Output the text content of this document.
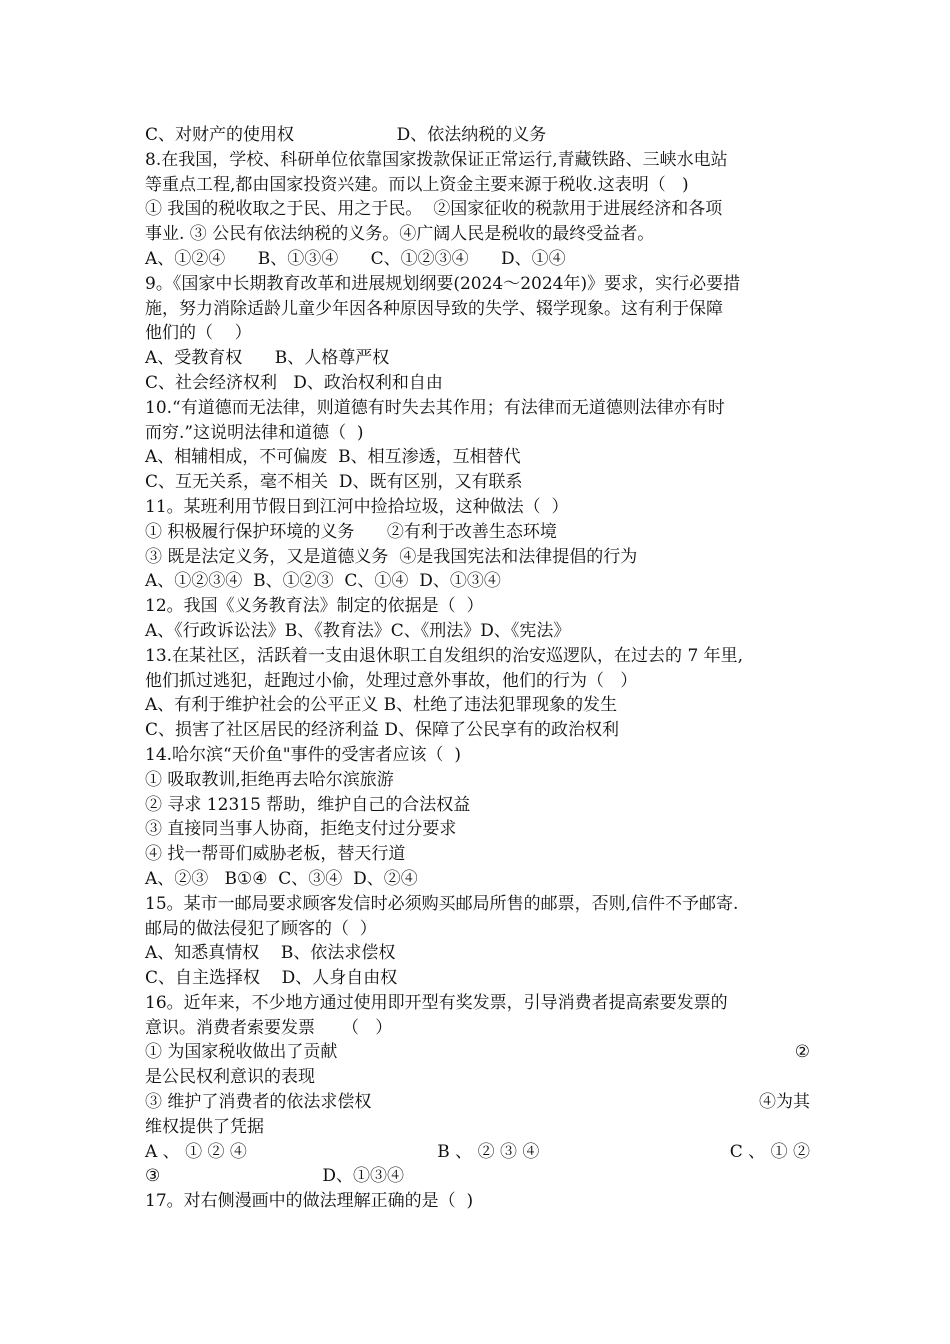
C、对财产的使用权                   D、依法纳税的义务
8.在我国，学校、科研单位依靠国家拨款保证正常运行,青藏铁路、三峡水电站
等重点工程,都由国家投资兴建。而以上资金主要来源于税收.这表明（   )
① 我国的税收取之于民、用之于民。  ②国家征收的税款用于进展经济和各项
事业. ③ 公民有依法纳税的义务。④广阔人民是税收的最终受益者。
A、①②④      B、①③④      C、①②③④      D、①④
9。《国家中长期教育改革和进展规划纲要(2024～2024年)》要求，实行必要措
施，努力消除适龄儿童少年因各种原因导致的失学、辍学现象。这有利于保障
他们的（    ）
A、受教育权      B、人格尊严权
C、社会经济权利   D、政治权利和自由
10.“有道德而无法律，则道德有时失去其作用；有法律而无道德则法律亦有时
而穷.”这说明法律和道德（  )
A、相辅相成，不可偏废  B、相互渗透，互相替代
C、互无关系，毫不相关  D、既有区别，又有联系
11。某班利用节假日到江河中捡拾垃圾，这种做法（  ）
① 积极履行保护环境的义务      ②有利于改善生态环境
③ 既是法定义务，又是道德义务  ④是我国宪法和法律提倡的行为
A、①②③④  B、①②③  C、①④  D、①③④
12。我国《义务教育法》制定的依据是（  ）
A、《行政诉讼法》B、《教育法》C、《刑法》D、《宪法》
13.在某社区，活跃着一支由退休职工自发组织的治安巡逻队，在过去的 7 年里,
他们抓过逃犯，赶跑过小偷，处理过意外事故，他们的行为（   ）
A、有利于维护社会的公平正义 B、杜绝了违法犯罪现象的发生
C、损害了社区居民的经济利益 D、保障了公民享有的政治权利
14.哈尔滨“天价鱼"事件的受害者应该（  )
① 吸取教训,拒绝再去哈尔滨旅游
② 寻求 12315 帮助，维护自己的合法权益
③ 直接同当事人协商，拒绝支付过分要求
④ 找一帮哥们威胁老板，替天行道
A、②③   B①④  C、③④  D、②④
15。某市一邮局要求顾客发信时必须购买邮局所售的邮票，否则,信件不予邮寄.
邮局的做法侵犯了顾客的（  ）
A、知悉真情权    B、依法求偿权
C、自主选择权    D、人身自由权
16。近年来，不少地方通过使用即开型有奖发票，引导消费者提高索要发票的
意识。消费者索要发票     （   ）
① 为国家税收做出了贡献	②
是公民权利意识的表现
③ 维护了消费者的依法求偿权	④为其
维权提供了凭据
A 、 ① ② ④	B 、 ② ③ ④	C 、 ① ②
③                              D、①③④
17。对右侧漫画中的做法理解正确的是（  )
